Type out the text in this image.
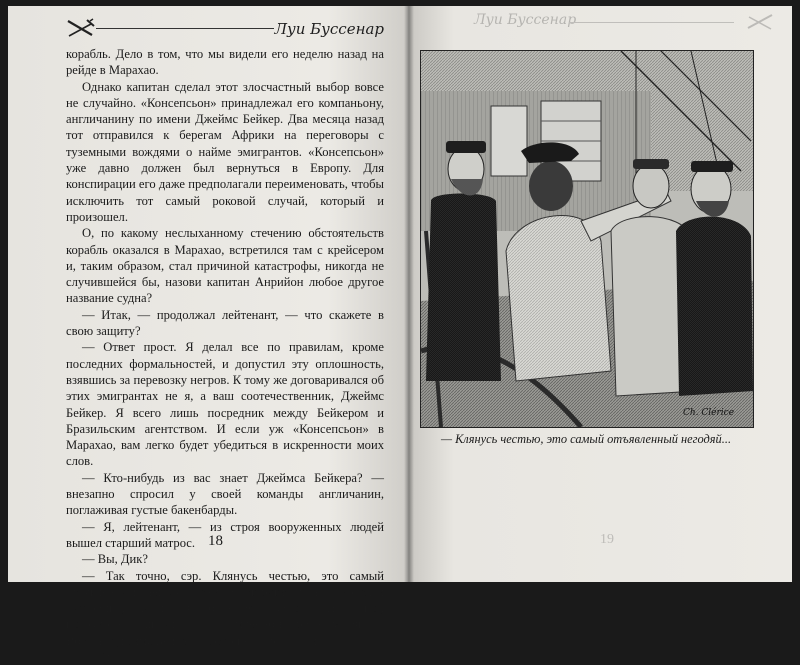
Луи Буссенар

корабль. Дело в том, что мы видели его неделю назад на рейде в Марахао.

Однако капитан сделал этот злосчастный выбор вовсе не случайно. «Консепсьон» принадлежал его компаньону, англичанину по имени Джеймс Бейкер. Два месяца назад тот отправился к берегам Африки на переговоры с туземными вождями о найме эмигрантов. «Консепсьон» уже давно должен был вернуться в Европу. Для конспирации его даже предполагали переименовать, чтобы исключить тот самый роковой случай, который и произошел.

О, по какому неслыханному стечению обстоятельств корабль оказался в Марахао, встретился там с крейсером и, таким образом, стал причиной катастрофы, никогда не случившейся бы, назови капитан Анрийон любое другое название судна?

— Итак, — продолжал лейтенант, — что скажете в свою защиту?

— Ответ прост. Я делал все по правилам, кроме последних формальностей, и допустил эту оплошность, взявшись за перевозку негров. К тому же договаривался об этих эмигрантах не я, а ваш соотечественник, Джеймс Бейкер. Я всего лишь посредник между Бейкером и Бразильским агентством. И если уж «Консепсьон» в Марахао, вам легко будет убедиться в искренности моих слов.

— Кто-нибудь из вас знает Джеймса Бейкера? — внезапно спросил у своей команды англичанин, поглаживая густые бакенбарды.

— Я, лейтенант, — из строя вооруженных людей вышел старший матрос.

— Вы, Дик?

— Так точно, сэр. Клянусь честью, это самый отъявленный негодяй, самый отвратительный морской разбойник, какого я когда-либо видел... Но... нет, невозможно ошибиться, — изумленно вскричал моряк. — Вот он! Джеймс Бейкер собственной персоной!

— Где?

18
Луи Буссенар
Ch. Clérice
— Клянусь честью, это самый отъявленный негодяй...
19
